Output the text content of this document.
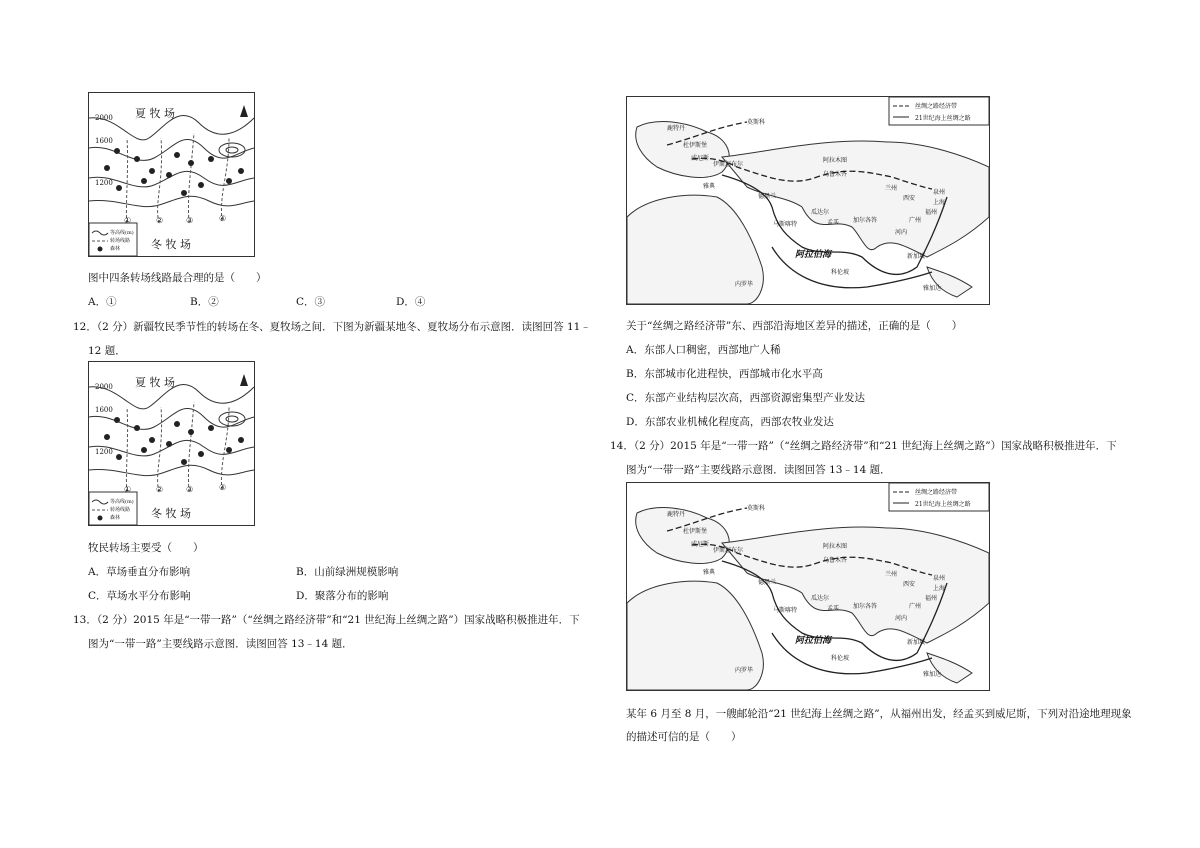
夏 牧 场
冬 牧 场
2000
1600
1200
①	②	③	④
等高线(m)
转场线路
森林
图中四条转场线路最合理的是（　　）
A．①	B．②	C．③	D．④
12．（2 分）新疆牧民季节性的转场在冬、夏牧场之间．下图为新疆某地冬、夏牧场分布示意图．读图回答 11﹣
12 题．
夏 牧 场
冬 牧 场
2000
1600
1200
①	②	③	④
等高线(m)
转场线路
森林
牧民转场主要受（　　）
A．草场垂直分布影响	B．山前绿洲规模影响
C．草场水平分布影响	D．聚落分布的影响
13．（2 分）2015 年是“一带一路”（“丝绸之路经济带”和“21 世纪海上丝绸之路”）国家战略积极推进年．下
图为“一带一路”主要线路示意图．读图回答 13﹣14 题．
丝绸之路经济带
21世纪海上丝绸之路
莫斯科
鹿特丹
杜伊斯堡
威尼斯
伊斯坦布尔
阿拉木图
乌鲁木齐
兰州
西安
泉州
上海
福州
广州
德黑兰
瓜达尔
孟买 加尔各答
马斯喀特
阿拉伯海
科伦坡
河内
新加坡
雅加达
内罗毕
雅典
关于“丝绸之路经济带”东、西部沿海地区差异的描述，正确的是（　　）
A．东部人口稠密，西部地广人稀
B．东部城市化进程快，西部城市化水平高
C．东部产业结构层次高，西部资源密集型产业发达
D．东部农业机械化程度高，西部农牧业发达
14．（2 分）2015 年是“一带一路”（“丝绸之路经济带”和“21 世纪海上丝绸之路”）国家战略积极推进年．下
图为“一带一路”主要线路示意图．读图回答 13﹣14 题．
丝绸之路经济带
21世纪海上丝绸之路
莫斯科
鹿特丹
杜伊斯堡
威尼斯
伊斯坦布尔
阿拉木图
乌鲁木齐
兰州
西安
泉州
上海
福州
广州
德黑兰
瓜达尔
孟买 加尔各答
马斯喀特
阿拉伯海
科伦坡
河内
新加坡
雅加达
内罗毕
雅典
某年 6 月至 8 月，一艘邮轮沿“21 世纪海上丝绸之路”，从福州出发，经孟买到威尼斯，下列对沿途地理现象
的描述可信的是（　　）
